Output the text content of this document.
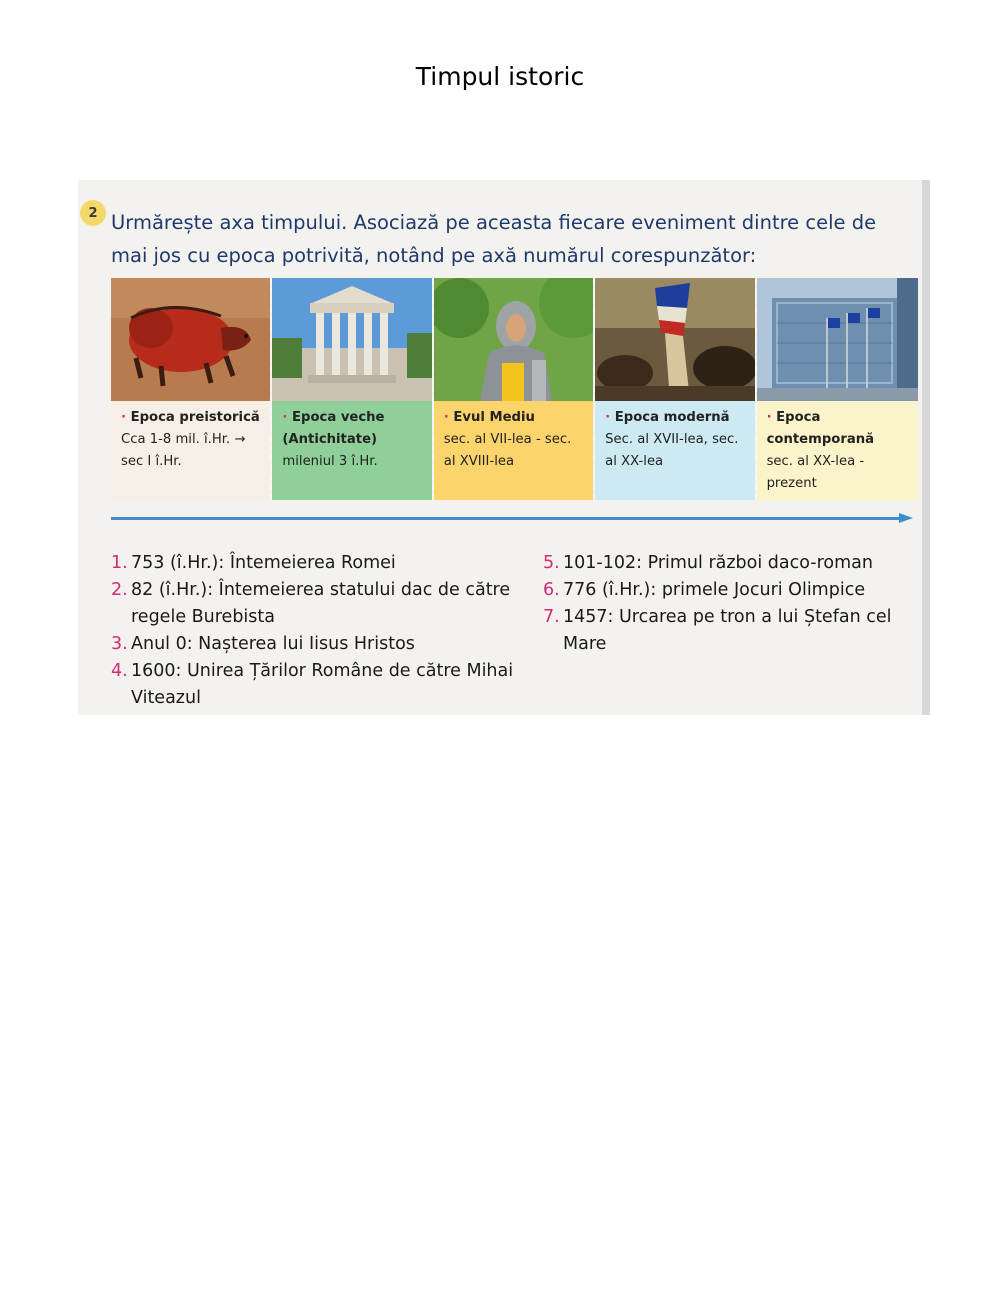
Timpul istoric
2 Urmărește axa timpului. Asociază pe aceasta fiecare eveniment dintre cele de mai jos cu epoca potrivită, notând pe axă numărul corespunzător:
· Epoca preistorică
Cca 1-8 mil. î.Hr. → sec I î.Hr.
· Epoca veche (Antichitate)
mileniul 3 î.Hr.
· Evul Mediu
sec. al VII-lea - sec. al XVIII-lea
· Epoca modernă
Sec. al XVII-lea, sec. al XX-lea
· Epoca contemporană
sec. al XX-lea - prezent
1. 753 (î.Hr.): Întemeierea Romei
2. 82 (î.Hr.): Întemeierea statului dac de către regele Burebista
3. Anul 0: Nașterea lui Iisus Hristos
4. 1600: Unirea Țărilor Române de către Mihai Viteazul
5. 101-102: Primul război daco-roman
6. 776 (î.Hr.): primele Jocuri Olimpice
7. 1457: Urcarea pe tron a lui Ștefan cel Mare
